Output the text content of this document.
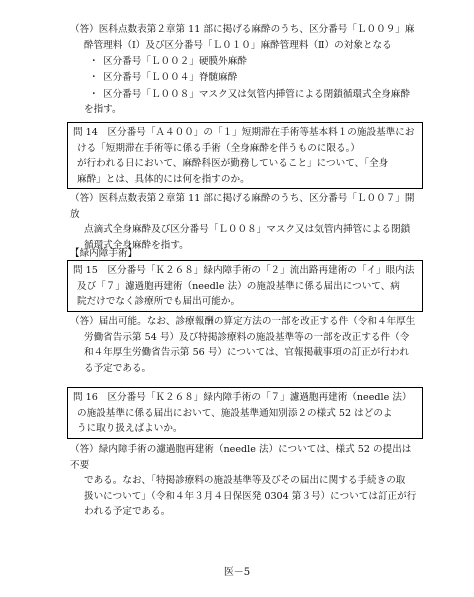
（答）医科点数表第２章第 11 部に掲げる麻酔のうち、区分番号「Ｌ００９」麻
酔管理料（Ⅰ）及び区分番号「Ｌ０１０」麻酔管理料（Ⅱ）の対象となる
・ 区分番号「Ｌ００２」硬膜外麻酔
・ 区分番号「Ｌ００４」脊髄麻酔
・ 区分番号「Ｌ００８」マスク又は気管内挿管による閉鎖循環式全身麻酔
を指す。
問 14　区分番号「Ａ４００」の「１」短期滞在手術等基本料１の施設基準にお
ける「短期滞在手術等に係る手術（全身麻酔を伴うものに限る。）
が行われる日において、麻酔科医が勤務していること」について、「全身
麻酔」とは、具体的には何を指すのか。
（答）医科点数表第２章第 11 部に掲げる麻酔のうち、区分番号「Ｌ００７」開放
点滴式全身麻酔及び区分番号「Ｌ００８」マスク又は気管内挿管による閉鎖
循環式全身麻酔を指す。
【緑内障手術】
問 15　区分番号「Ｋ２６８」緑内障手術の「２」流出路再建術の「イ」眼内法
及び「７」濾過胞再建術（needle 法）の施設基準に係る届出について、病
院だけでなく診療所でも届出可能か。
（答）届出可能。なお、診療報酬の算定方法の一部を改正する件（令和４年厚生
労働省告示第 54 号）及び特掲診療料の施設基準等の一部を改正する件（令
和４年厚生労働省告示第 56 号）については、官報掲載事項の訂正が行われ
る予定である。
問 16　区分番号「Ｋ２６８」緑内障手術の「７」濾過胞再建術（needle 法）
の施設基準に係る届出において、施設基準通知別添２の様式 52 はどのよ
うに取り扱えばよいか。
（答）緑内障手術の濾過胞再建術（needle 法）については、様式 52 の提出は不要
である。なお、「特掲診療料の施設基準等及びその届出に関する手続きの取
扱いについて」（令和４年３月４日保医発 0304 第３号）については訂正が行
われる予定である。
医－5
